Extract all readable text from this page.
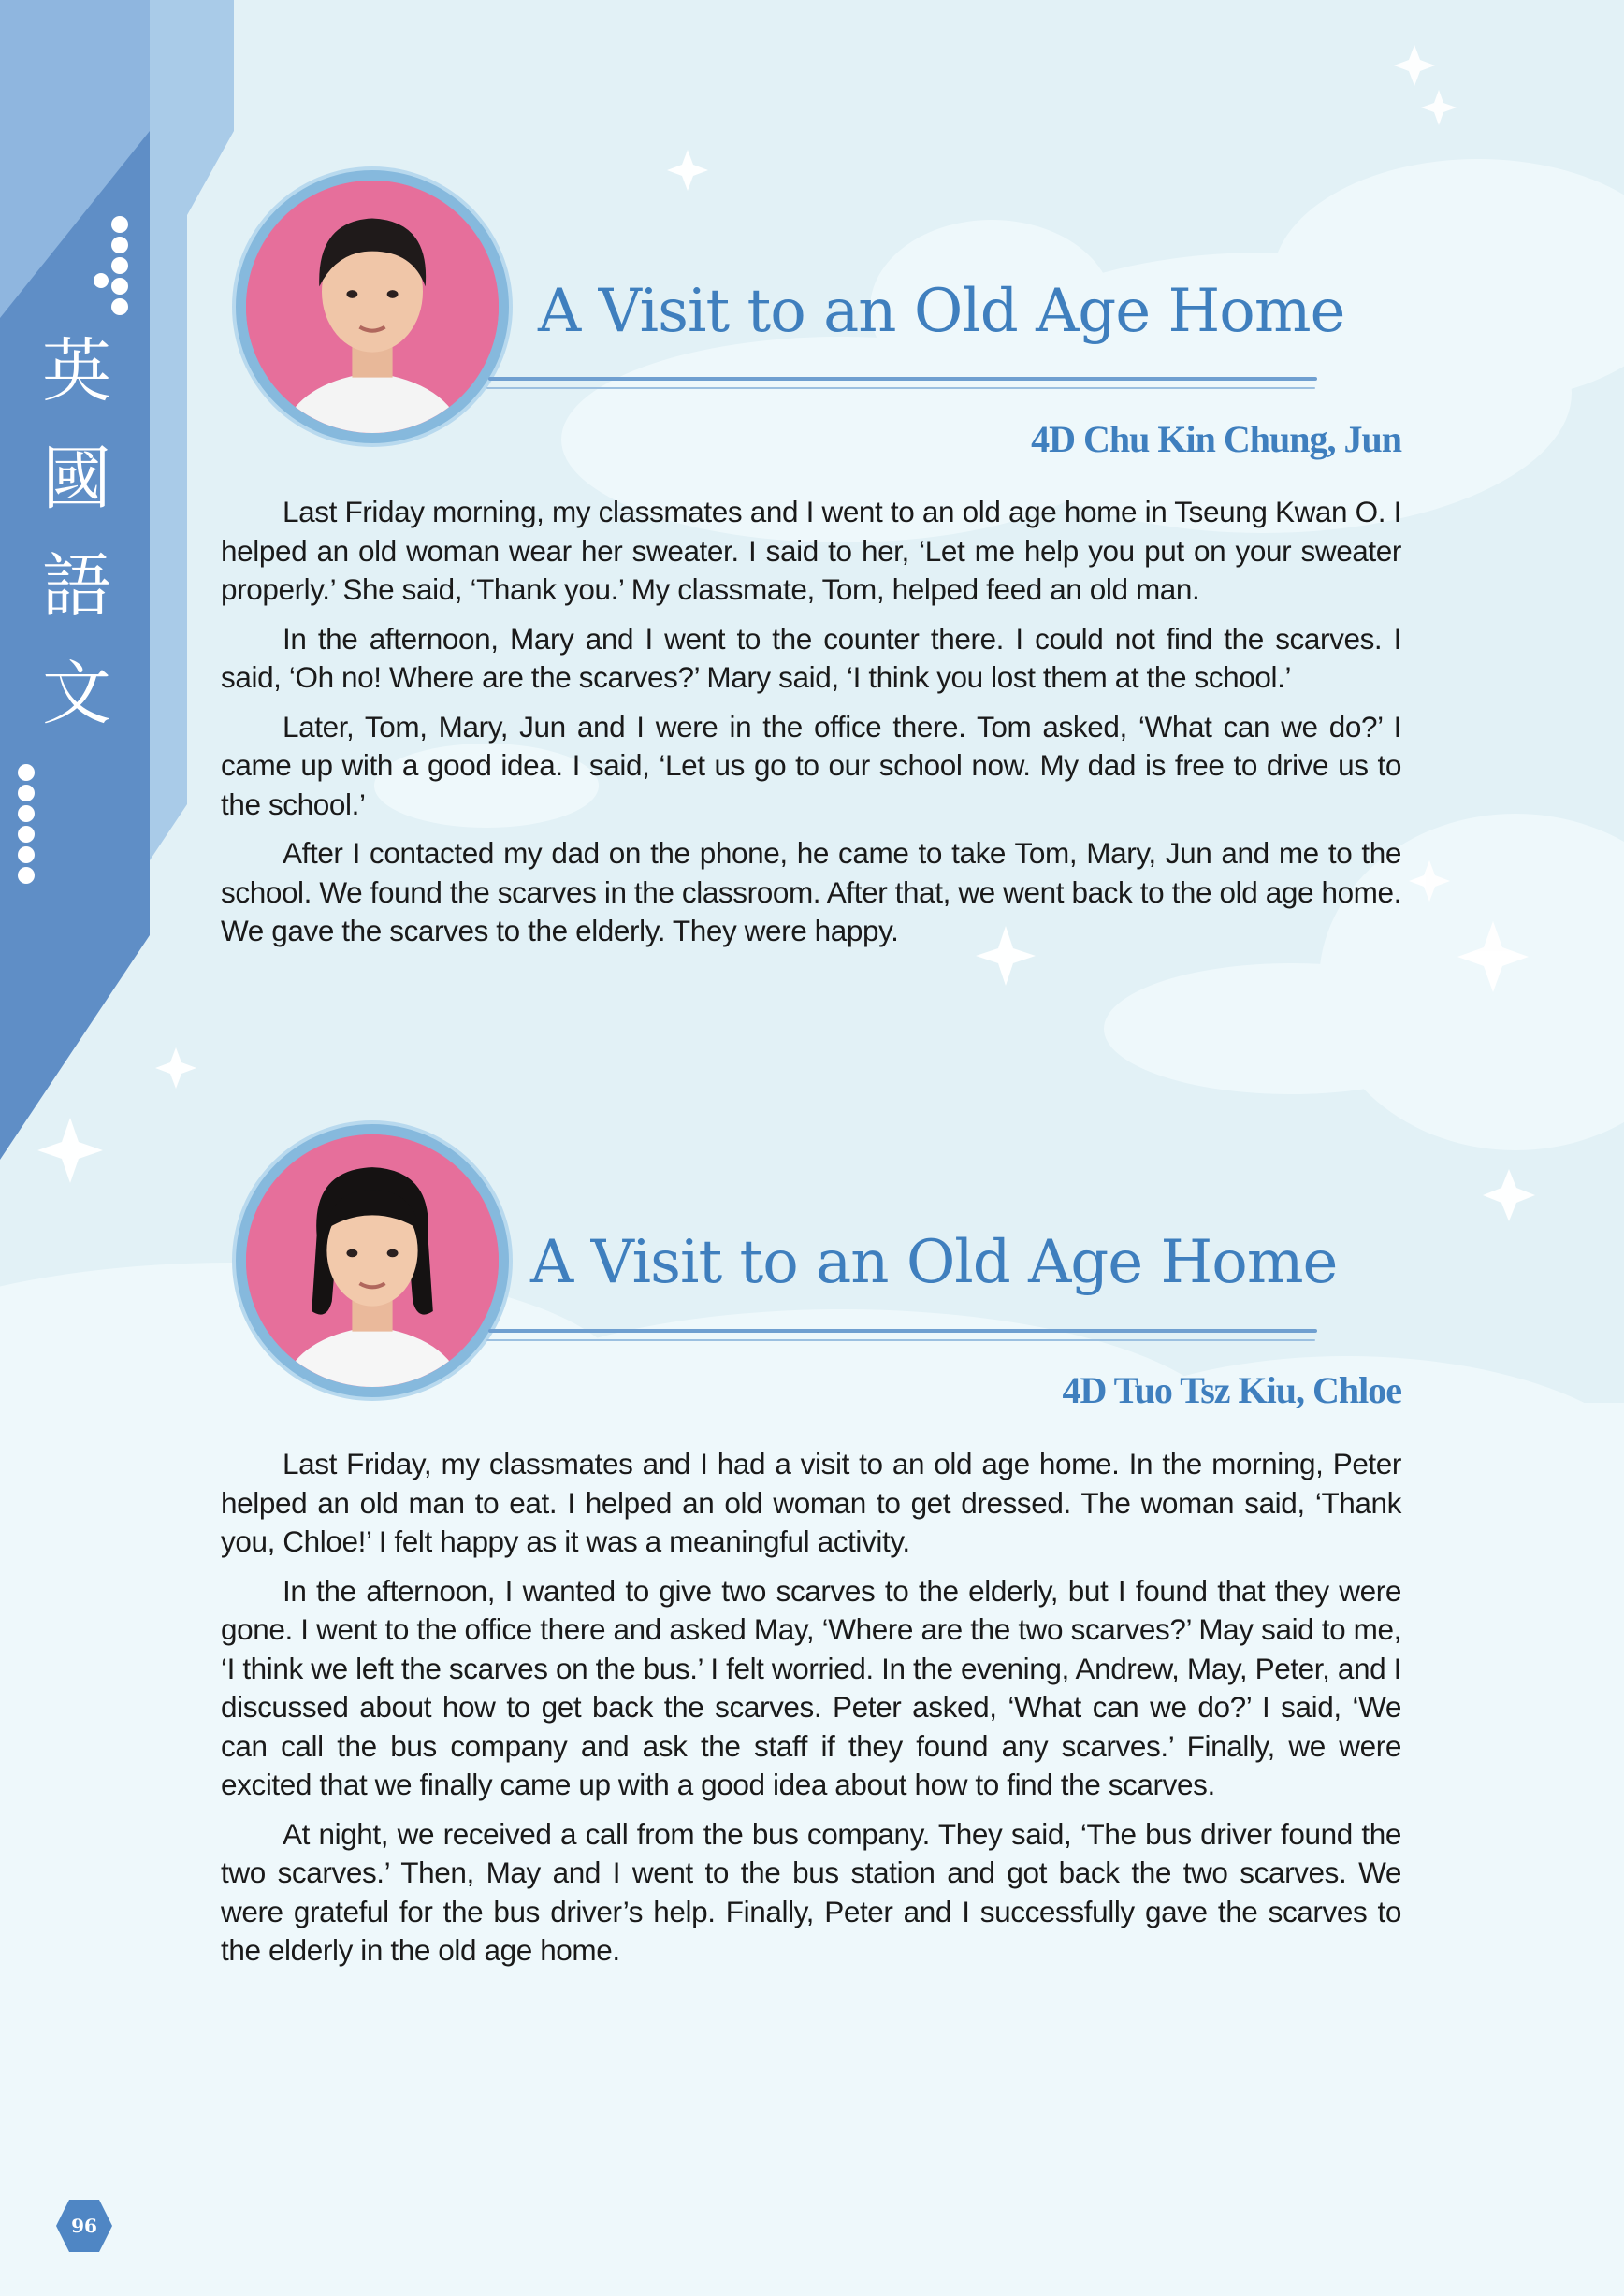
英
國
語
文
A Visit to an Old Age Home

4D Chu Kin Chung, Jun

Last Friday morning, my classmates and I went to an old age home in Tseung Kwan O. I helped an old woman wear her sweater. I said to her, ‘Let me help you put on your sweater properly.’ She said, ‘Thank you.’ My classmate, Tom, helped feed an old man.

In the afternoon, Mary and I went to the counter there. I could not find the scarves. I said, ‘Oh no! Where are the scarves?’ Mary said, ‘I think you lost them at the school.’

Later, Tom, Mary, Jun and I were in the office there. Tom asked, ‘What can we do?’ I came up with a good idea. I said, ‘Let us go to our school now. My dad is free to drive us to the school.’

After I contacted my dad on the phone, he came to take Tom, Mary, Jun and me to the school. We found the scarves in the classroom. After that, we went back to the old age home. We gave the scarves to the elderly. They were happy.

A Visit to an Old Age Home

4D Tuo Tsz Kiu, Chloe

Last Friday, my classmates and I had a visit to an old age home. In the morning, Peter helped an old man to eat. I helped an old woman to get dressed. The woman said, ‘Thank you, Chloe!’ I felt happy as it was a meaningful activity.

In the afternoon, I wanted to give two scarves to the elderly, but I found that they were gone. I went to the office there and asked May, ‘Where are the two scarves?’ May said to me, ‘I think we left the scarves on the bus.’ I felt worried. In the evening, Andrew, May, Peter, and I discussed about how to get back the scarves. Peter asked, ‘What can we do?’ I said, ‘We can call the bus company and ask the staff if they found any scarves.’ Finally, we were excited that we finally came up with a good idea about how to find the scarves.

At night, we received a call from the bus company. They said, ‘The bus driver found the two scarves.’ Then, May and I went to the bus station and got back the two scarves. We were grateful for the bus driver’s help. Finally, Peter and I successfully gave the scarves to the elderly in the old age home.

96
